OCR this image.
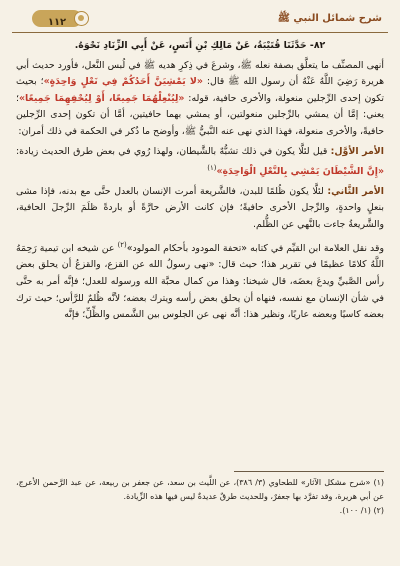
شرح شمائل النبي ﷺ
١١٢

٨٢- حَدَّثَنَا قُتَيْبَةُ، عَنْ مَالِكِ بْنِ أَنَسٍ، عَنْ أَبِي الزِّنَادِ نَحْوَهُ.

أنهى المصنِّف ما يتعلَّق بصفة نعله ﷺ، وشرعَ في ذِكرِ هديه ﷺ في لُبس النَّعل، فأورد حديث أبي هريرة رَضِيَ اللَّهُ عَنْهُ أن رسول الله ﷺ قال: «لا يَمْشِيَنَّ أَحَدُكُمْ فِي نَعْلٍ وَاحِدَةٍ»؛ بحيث تكون إحدى الرِّجلين منعولة، والأخرى حافية، قوله: «لِيُنْعِلْهُمَا جَمِيعًا، أَوْ لِيُحْفِهِمَا جَمِيعًا»؛ يعني: إمَّا أن يمشي بالرِّجلين منعولتين، أو يمشي بهما حافيتين، أمَّا أن تكون إحدى الرِّجلين حافيةً، والأخرى منعولة، فهذا الذي نهى عنه النَّبيُّ ﷺ، وأوضح ما ذُكر في الحكمة في ذلك أمران:

الأمر الأوَّل: قيل لئلَّا يكون في ذلك تشبُّهٌ بالشَّيطان، ولهذا رُوي في بعض طرق الحديث زيادة: «إِنَّ الشَّيْطَانَ يَمْشِي بِالنَّعْلِ الْوَاحِدَةِ»$^{(١)}$

الأمر الثَّاني: لئلَّا يكون ظُلمًا للبدن، فالشَّريعة أمرت الإنسان بالعدل حتَّى مع بدنه، فإذا مشى بنعلٍ واحدةٍ، والرِّجل الأخرى حافيةً؛ فإن كانت الأرض حارَّةً أو باردةً ظلَمَ الرِّجلَ الحافية، والشَّريعةُ جاءت بالنَّهي عن الظُّلم.

وقد نقل العلامة ابن القيِّم في كتابه «تحفة المودود بأحكام المولود»$^{(٢)}$ عن شيخه ابن تيمية رَحِمَهُ اللَّهُ كلامًا عظيمًا في تقرير هذا؛ حيث قال: «نهى رسولُ الله عن القزع، والقزعُ أن يحلق بعض رأس الصَّبيِّ ويدعَ بعضَه، قال شيخنا: وهذا من كمال محبَّة الله ورسوله للعدل؛ فإنَّه أمر به حتَّى في شأن الإنسان مع نفسه، فنهاه أن يحلق بعض رأسه ويترك بعضه؛ لأنَّه ظُلمٌ للرَّأس؛ حيث ترك بعضه كاسيًا وبعضه عاريًا، ونظير هذا: أنَّه نهى عن الجلوس بين الشَّمس والظِّلِّ؛ فإنَّه

(١) «شرح مشكل الآثار» للطحاوي (٣/ ٣٨٦)، عن اللَّيث بن سعد، عن جعفر بن ربيعة، عن عبد الرَّحمن الأعرج، عن أبي هريرة، وقد تفرَّد بها جعفرٌ، وللحديث طرقٌ عديدةٌ ليس فيها هذه الزِّيادة.

(٢) (١/ ١٠٠).
